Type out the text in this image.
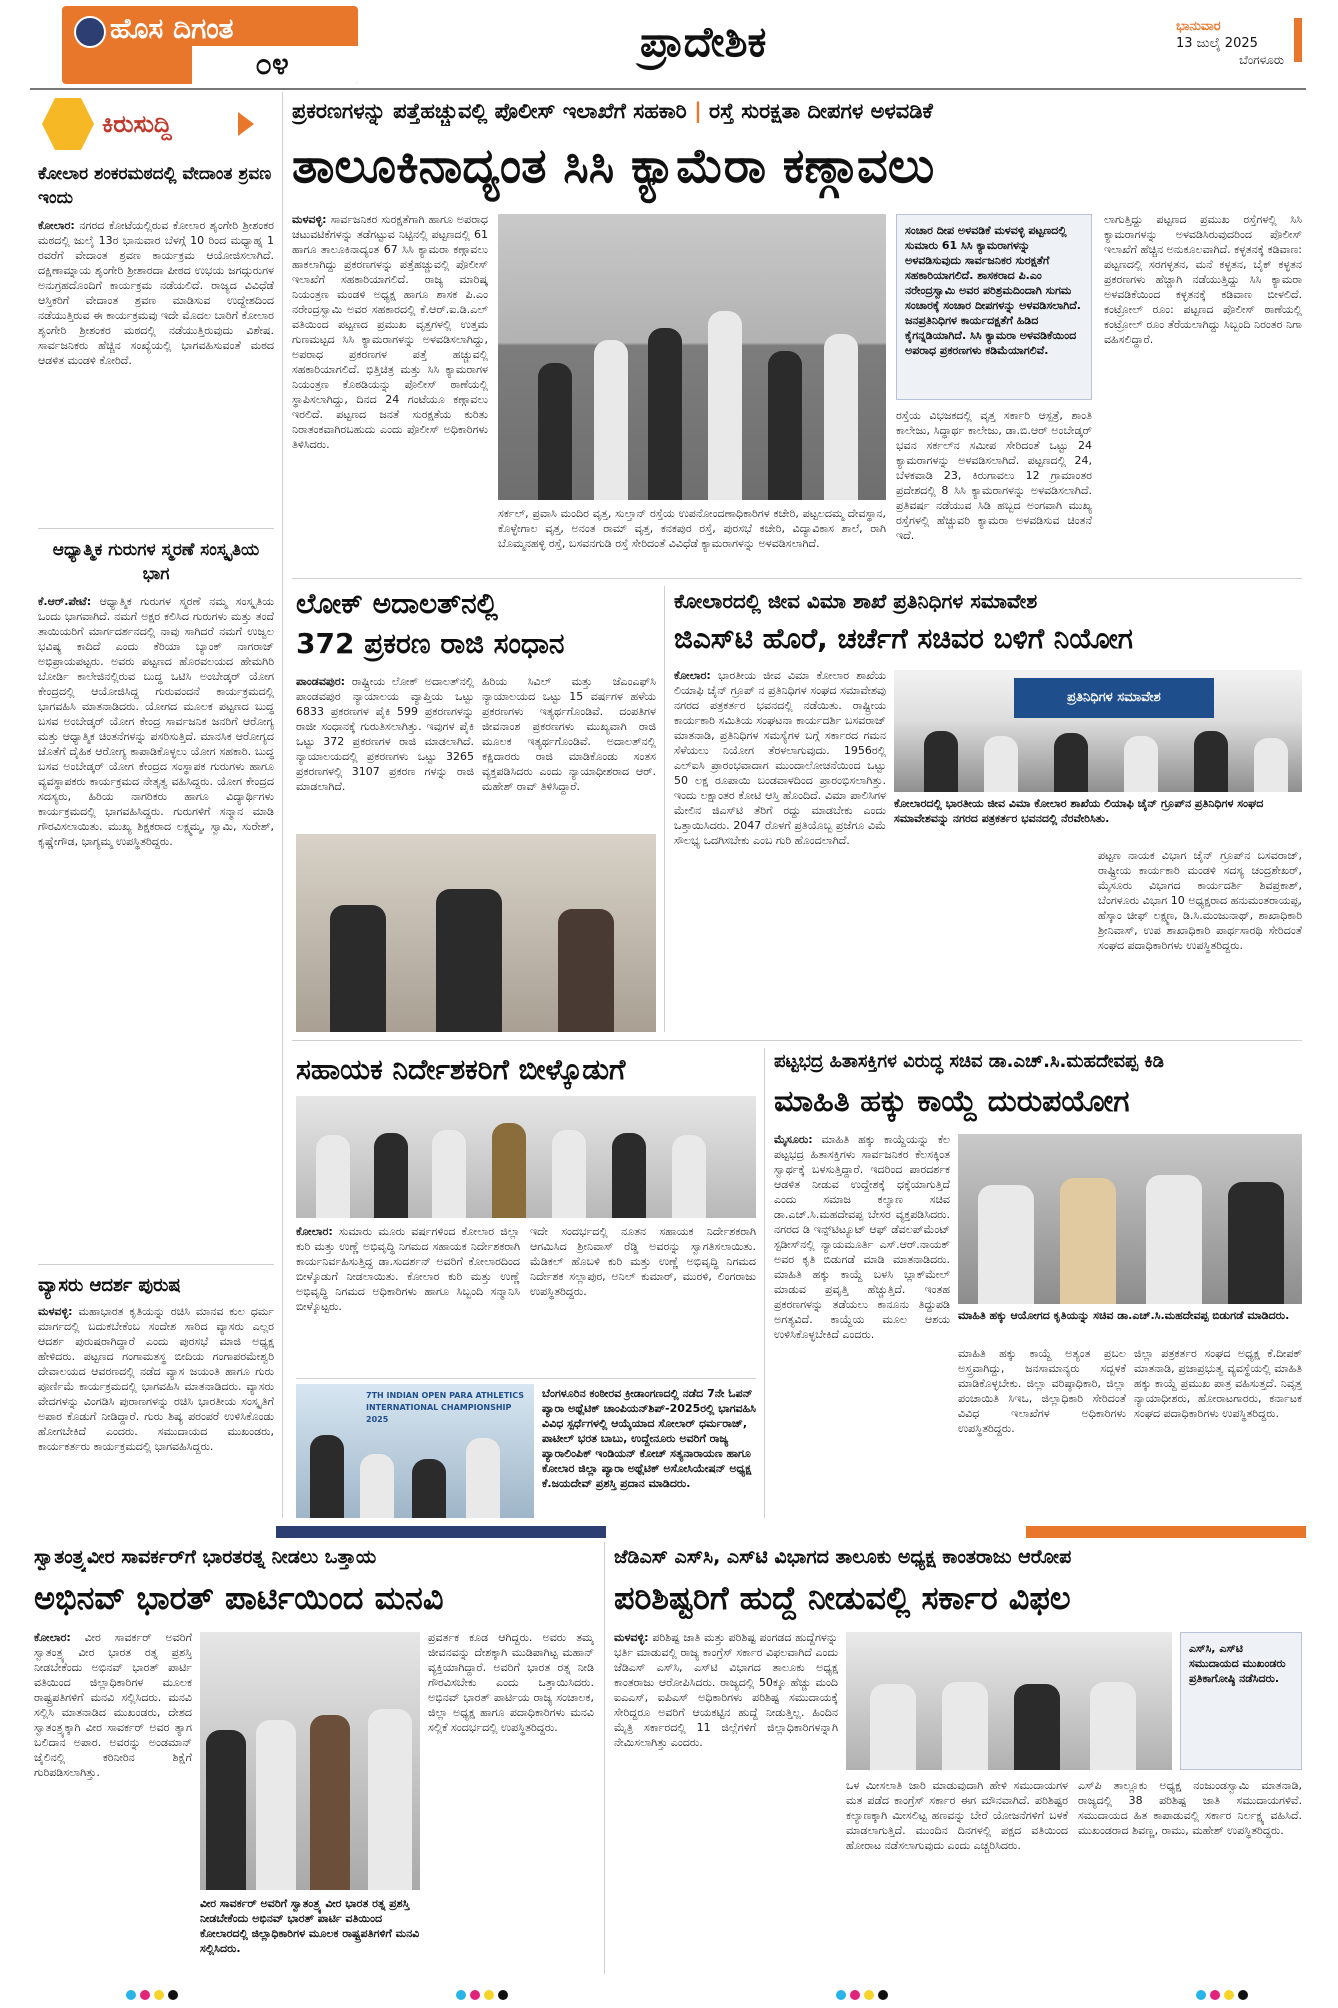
ಹೊಸ ದಿಗಂತ
೦೪	ಪ್ರಾದೇಶಿಕ	ಭಾನುವಾರ
13 ಜುಲೈ 2025
ಬೆಂಗಳೂರು
ಕಿರುಸುದ್ದಿ
ಕೋಲಾರ ಶಂಕರಮಠದಲ್ಲಿ ವೇದಾಂತ ಶ್ರವಣ ಇಂದು
ಕೋಲಾರ: ನಗರದ ಕೋಟೆಯಲ್ಲಿರುವ ಕೋಲಾರ ಶೃಂಗೇರಿ ಶ್ರೀಶಂಕರ ಮಠದಲ್ಲಿ ಜುಲೈ 13ರ ಭಾನುವಾರ ಬೆಳಗ್ಗೆ 10 ರಿಂದ ಮಧ್ಯಾಹ್ನ 1 ರವರೆಗೆ ವೇದಾಂತ ಶ್ರವಣ ಕಾರ್ಯಕ್ರಮ ಆಯೋಜಿಸಲಾಗಿದೆ. ದಕ್ಷಿಣಾಮ್ನಾಯ ಶೃಂಗೇರಿ ಶ್ರೀಶಾರದಾ ಪೀಠದ ಉಭಯ ಜಗದ್ಗುರುಗಳ ಅನುಗ್ರಹದೊಂದಿಗೆ ಕಾರ್ಯಕ್ರಮ ನಡೆಯಲಿದೆ. ರಾಜ್ಯದ ವಿವಿಧೆಡೆ ಆಸ್ತಿಕರಿಗೆ ವೇದಾಂತ ಶ್ರವಣ ಮಾಡಿಸುವ ಉದ್ದೇಶದಿಂದ ನಡೆಯುತ್ತಿರುವ ಈ ಕಾರ್ಯಕ್ರಮವು ಇದೇ ಮೊದಲ ಬಾರಿಗೆ ಕೋಲಾರ ಶೃಂಗೇರಿ ಶ್ರೀಶಂಕರ ಮಠದಲ್ಲಿ ನಡೆಯುತ್ತಿರುವುದು ವಿಶೇಷ. ಸಾರ್ವಜನಿಕರು ಹೆಚ್ಚಿನ ಸಂಖ್ಯೆಯಲ್ಲಿ ಭಾಗವಹಿಸುವಂತೆ ಮಠದ ಆಡಳಿತ ಮಂಡಳಿ ಕೋರಿದೆ.
ಆಧ್ಯಾತ್ಮಿಕ ಗುರುಗಳ ಸ್ಮರಣೆ ಸಂಸ್ಕೃತಿಯ ಭಾಗ
ಕೆ.ಆರ್.ಪೇಟೆ: ಆಧ್ಯಾತ್ಮಿಕ ಗುರುಗಳ ಸ್ಮರಣೆ ನಮ್ಮ ಸಂಸ್ಕೃತಿಯ ಒಂದು ಭಾಗವಾಗಿದೆ. ನಮಗೆ ಅಕ್ಷರ ಕಲಿಸಿದ ಗುರುಗಳು ಮತ್ತು ತಂದೆ ತಾಯಿಯರಿಗೆ ಮಾರ್ಗದರ್ಶನದಲ್ಲಿ ನಾವು ಸಾಗಿದರೆ ನಮಗೆ ಉಜ್ವಲ ಭವಿಷ್ಯ ಕಾದಿದೆ ಎಂದು ಕೆರಿಯಾ ಬ್ಯಾಂಕ್ ನಾಗರಾಜ್ ಅಭಿಪ್ರಾಯಪಟ್ಟರು. ಅವರು ಪಟ್ಟಣದ ಹೊರವಲಯದ ಹೇಮಗಿರಿ ಬೋರ್ಡಿ ಕಾಲೇಜಿನಲ್ಲಿರುವ ಬುದ್ಧ ಒಟಿಸಿ ಅಂಬೇಡ್ಕರ್ ಯೋಗ ಕೇಂದ್ರದಲ್ಲಿ ಆಯೋಜಿಸಿದ್ದ ಗುರುವಂದನೆ ಕಾರ್ಯಕ್ರಮದಲ್ಲಿ ಭಾಗವಹಿಸಿ ಮಾತನಾಡಿದರು. ಯೋಗದ ಮೂಲಕ ಪಟ್ಟಣದ ಬುದ್ಧ ಬಸವ ಅಂಬೇಡ್ಕರ್ ಯೋಗ ಕೇಂದ್ರ ಸಾರ್ವಜನಿಕ ಜನರಿಗೆ ಆರೋಗ್ಯ ಮತ್ತು ಆಧ್ಯಾತ್ಮಿಕ ಚಿಂತನೆಗಳನ್ನು ಪಸರಿಸುತ್ತಿದೆ. ಮಾನಸಿಕ ಆರೋಗ್ಯದ ಜೊತೆಗೆ ದೈಹಿಕ ಆರೋಗ್ಯ ಕಾಪಾಡಿಕೊಳ್ಳಲು ಯೋಗ ಸಹಕಾರಿ. ಬುದ್ಧ ಬಸವ ಅಂಬೇಡ್ಕರ್ ಯೋಗ ಕೇಂದ್ರದ ಸಂಸ್ಥಾಪಕ ಗುರುಗಳು ಹಾಗೂ ವ್ಯವಸ್ಥಾಪಕರು ಕಾರ್ಯಕ್ರಮದ ನೇತೃತ್ವ ವಹಿಸಿದ್ದರು. ಯೋಗ ಕೇಂದ್ರದ ಸದಸ್ಯರು, ಹಿರಿಯ ನಾಗರಿಕರು ಹಾಗೂ ವಿದ್ಯಾರ್ಥಿಗಳು ಕಾರ್ಯಕ್ರಮದಲ್ಲಿ ಭಾಗವಹಿಸಿದ್ದರು. ಗುರುಗಳಿಗೆ ಸನ್ಮಾನ ಮಾಡಿ ಗೌರವಿಸಲಾಯಿತು. ಮುಖ್ಯ ಶಿಕ್ಷಕರಾದ ಲಕ್ಷ್ಮಮ್ಮ, ಸ್ವಾಮಿ, ಸುರೇಶ್, ಕೃಷ್ಣೇಗೌಡ, ಭಾಗ್ಯಮ್ಮ ಉಪಸ್ಥಿತರಿದ್ದರು.
ವ್ಯಾಸರು ಆದರ್ಶ ಪುರುಷ
ಮಳವಳ್ಳಿ: ಮಹಾಭಾರತ ಕೃತಿಯನ್ನು ರಚಿಸಿ ಮಾನವ ಕುಲ ಧರ್ಮ ಮಾರ್ಗದಲ್ಲಿ ಬದುಕಬೇಕೆಂಬ ಸಂದೇಶ ಸಾರಿದ ವ್ಯಾಸರು ಎಲ್ಲರ ಆದರ್ಶ ಪುರುಷರಾಗಿದ್ದಾರೆ ಎಂದು ಪುರಸಭೆ ಮಾಜಿ ಅಧ್ಯಕ್ಷ ಹೇಳಿದರು. ಪಟ್ಟಣದ ಗಂಗಾಮತಸ್ಥ ಬೀದಿಯ ಗಂಗಾಪರಮೇಶ್ವರಿ ದೇವಾಲಯದ ಆವರಣದಲ್ಲಿ ನಡೆದ ವ್ಯಾಸ ಜಯಂತಿ ಹಾಗೂ ಗುರು ಪೂರ್ಣಿಮೆ ಕಾರ್ಯಕ್ರಮದಲ್ಲಿ ಭಾಗವಹಿಸಿ ಮಾತನಾಡಿದರು. ವ್ಯಾಸರು ವೇದಗಳನ್ನು ವಿಂಗಡಿಸಿ ಪುರಾಣಗಳನ್ನು ರಚಿಸಿ ಭಾರತೀಯ ಸಂಸ್ಕೃತಿಗೆ ಅಪಾರ ಕೊಡುಗೆ ನೀಡಿದ್ದಾರೆ. ಗುರು ಶಿಷ್ಯ ಪರಂಪರೆ ಉಳಿಸಿಕೊಂಡು ಹೋಗಬೇಕಿದೆ ಎಂದರು. ಸಮುದಾಯದ ಮುಖಂಡರು, ಕಾರ್ಯಕರ್ತರು ಕಾರ್ಯಕ್ರಮದಲ್ಲಿ ಭಾಗವಹಿಸಿದ್ದರು.
ಪ್ರಕರಣಗಳನ್ನು ಪತ್ತೆಹಚ್ಚುವಲ್ಲಿ ಪೊಲೀಸ್ ಇಲಾಖೆಗೆ ಸಹಕಾರಿ | ರಸ್ತೆ ಸುರಕ್ಷತಾ ದೀಪಗಳ ಅಳವಡಿಕೆ
ತಾಲೂಕಿನಾದ್ಯಂತ ಸಿಸಿ ಕ್ಯಾಮೆರಾ ಕಣ್ಗಾವಲು
ಮಳವಳ್ಳಿ: ಸಾರ್ವಜನಿಕರ ಸುರಕ್ಷತೆಗಾಗಿ ಹಾಗೂ ಅಪರಾಧ ಚಟುವಟಿಕೆಗಳನ್ನು ತಡೆಗಟ್ಟುವ ನಿಟ್ಟಿನಲ್ಲಿ ಪಟ್ಟಣದಲ್ಲಿ 61 ಹಾಗೂ ತಾಲೂಕಿನಾದ್ಯಂತ 67 ಸಿಸಿ ಕ್ಯಾಮರಾ ಕಣ್ಗಾವಲು ಹಾಕಲಾಗಿದ್ದು ಪ್ರಕರಣಗಳನ್ನು ಪತ್ತೆಹಚ್ಚುವಲ್ಲಿ ಪೊಲೀಸ್ ಇಲಾಖೆಗೆ ಸಹಕಾರಿಯಾಗಲಿದೆ. ರಾಜ್ಯ ಮಾರಿಷ್ಕ ನಿಯಂತ್ರಣ ಮಂಡಳಿ ಅಧ್ಯಕ್ಷ ಹಾಗೂ ಶಾಸಕ ಪಿ.ಎಂ ನರೇಂದ್ರಸ್ವಾಮಿ ಅವರ ಸಹಕಾರದಲ್ಲಿ ಕೆ.ಆರ್.ಐ.ಡಿ.ಎಲ್ ವತಿಯಿಂದ ಪಟ್ಟಣದ ಪ್ರಮುಖ ವೃತ್ತಗಳಲ್ಲಿ ಉತ್ತಮ ಗುಣಮಟ್ಟದ ಸಿಸಿ ಕ್ಯಾಮರಾಗಳನ್ನು ಅಳವಡಿಸಲಾಗಿದ್ದು, ಅಪರಾಧ ಪ್ರಕರಣಗಳ ಪತ್ತೆ ಹಚ್ಚುವಲ್ಲಿ ಸಹಕಾರಿಯಾಗಲಿದೆ. ಭಿತ್ತಿಚಿತ್ರ ಮತ್ತು ಸಿಸಿ ಕ್ಯಾಮರಾಗಳ ನಿಯಂತ್ರಣ ಕೊಠಡಿಯನ್ನು ಪೊಲೀಸ್ ಠಾಣೆಯಲ್ಲಿ ಸ್ಥಾಪಿಸಲಾಗಿದ್ದು, ದಿನದ 24 ಗಂಟೆಯೂ ಕಣ್ಗಾವಲು ಇರಲಿದೆ. ಪಟ್ಟಣದ ಜನತೆ ಸುರಕ್ಷತೆಯ ಕುರಿತು ನಿರಾತಂಕವಾಗಿರಬಹುದು ಎಂದು ಪೊಲೀಸ್ ಅಧಿಕಾರಿಗಳು ತಿಳಿಸಿದರು.
ಸರ್ಕಲ್, ಪ್ರವಾಸಿ ಮಂದಿರ ವೃತ್ತ, ಸುಲ್ತಾನ್ ರಸ್ತೆಯ ಉಪನೋಂದಣಾಧಿಕಾರಿಗಳ ಕಚೇರಿ, ಪಟ್ಟಲದಮ್ಮ ದೇವಸ್ಥಾನ, ಕೊಳ್ಳೇಗಾಲ ವೃತ್ತ, ಅನಂತ ರಾಮ್ ವೃತ್ತ, ಕನಕಪುರ ರಸ್ತೆ, ಪುರಸಭೆ ಕಚೇರಿ, ವಿದ್ಯಾವಿಕಾಸ ಶಾಲೆ, ರಾಗಿ ಬೊಮ್ಮನಹಳ್ಳಿ ರಸ್ತೆ, ಬಸವನಗುಡಿ ರಸ್ತೆ ಸೇರಿದಂತೆ ವಿವಿಧೆಡೆ ಕ್ಯಾಮರಾಗಳನ್ನು ಅಳವಡಿಸಲಾಗಿದೆ.
ಸಂಚಾರ ದೀಪ ಅಳವಡಿಕೆ ಮಳವಳ್ಳಿ ಪಟ್ಟಣದಲ್ಲಿ ಸುಮಾರು 61 ಸಿಸಿ ಕ್ಯಾಮರಾಗಳನ್ನು ಅಳವಡಿಸುವುದು ಸಾರ್ವಜನಿಕರ ಸುರಕ್ಷತೆಗೆ ಸಹಕಾರಿಯಾಗಲಿದೆ. ಶಾಸಕರಾದ ಪಿ.ಎಂ ನರೇಂದ್ರಸ್ವಾಮಿ ಅವರ ಪರಿಶ್ರಮದಿಂದಾಗಿ ಸುಗಮ ಸಂಚಾರಕ್ಕೆ ಸಂಚಾರ ದೀಪಗಳನ್ನು ಅಳವಡಿಸಲಾಗಿದೆ. ಜನಪ್ರತಿನಿಧಿಗಳ ಕಾರ್ಯದಕ್ಷತೆಗೆ ಹಿಡಿದ ಕೈಗನ್ನಡಿಯಾಗಿದೆ. ಸಿಸಿ ಕ್ಯಾಮರಾ ಅಳವಡಿಕೆಯಿಂದ ಅಪರಾಧ ಪ್ರಕರಣಗಳು ಕಡಿಮೆಯಾಗಲಿವೆ.
ರಸ್ತೆಯ ವಿಭಜಕದಲ್ಲಿ ವೃತ್ತ ಸರ್ಕಾರಿ ಆಸ್ಪತ್ರೆ, ಶಾಂತಿ ಕಾಲೇಜು, ಸಿದ್ಧಾರ್ಥ ಕಾಲೇಜು, ಡಾ.ಬಿ.ಆರ್ ಅಂಬೇಡ್ಕರ್ ಭವನ ಸರ್ಕಲ್‌ನ ಸಮೀಪ ಸೇರಿದಂತೆ ಒಟ್ಟು 24 ಕ್ಯಾಮರಾಗಳನ್ನು ಅಳವಡಿಸಲಾಗಿದೆ. ಪಟ್ಟಣದಲ್ಲಿ 24, ಬೆಳಕವಾಡಿ 23, ಕಿರುಗಾವಲು 12 ಗ್ರಾಮಾಂತರ ಪ್ರದೇಶದಲ್ಲಿ 8 ಸಿಸಿ ಕ್ಯಾಮರಾಗಳನ್ನು ಅಳವಡಿಸಲಾಗಿದೆ. ಪ್ರತಿವರ್ಷ ನಡೆಯುವ ಸಿಡಿ ಹಬ್ಬದ ಅಂಗವಾಗಿ ಮುಖ್ಯ ರಸ್ತೆಗಳಲ್ಲಿ ಹೆಚ್ಚುವರಿ ಕ್ಯಾಮರಾ ಅಳವಡಿಸುವ ಚಿಂತನೆ ಇದೆ.
ಲಾಗುತ್ತಿದ್ದು ಪಟ್ಟಣದ ಪ್ರಮುಖ ರಸ್ತೆಗಳಲ್ಲಿ ಸಿಸಿ ಕ್ಯಾಮರಾಗಳನ್ನು ಅಳವಡಿಸಿರುವುದರಿಂದ ಪೊಲೀಸ್ ಇಲಾಖೆಗೆ ಹೆಚ್ಚಿನ ಅನುಕೂಲವಾಗಿದೆ. ಕಳ್ಳತನಕ್ಕೆ ಕಡಿವಾಣ: ಪಟ್ಟಣದಲ್ಲಿ ಸರಗಳ್ಳತನ, ಮನೆ ಕಳ್ಳತನ, ಬೈಕ್ ಕಳ್ಳತನ ಪ್ರಕರಣಗಳು ಹೆಚ್ಚಾಗಿ ನಡೆಯುತ್ತಿದ್ದು ಸಿಸಿ ಕ್ಯಾಮರಾ ಅಳವಡಿಕೆಯಿಂದ ಕಳ್ಳತನಕ್ಕೆ ಕಡಿವಾಣ ಬೀಳಲಿದೆ. ಕಂಟ್ರೋಲ್ ರೂಂ: ಪಟ್ಟಣದ ಪೊಲೀಸ್ ಠಾಣೆಯಲ್ಲಿ ಕಂಟ್ರೋಲ್ ರೂಂ ತೆರೆಯಲಾಗಿದ್ದು ಸಿಬ್ಬಂದಿ ನಿರಂತರ ನಿಗಾ ವಹಿಸಲಿದ್ದಾರೆ.
ಲೋಕ್ ಅದಾಲತ್‌ನಲ್ಲಿ
372 ಪ್ರಕರಣ ರಾಜಿ ಸಂಧಾನ
ಪಾಂಡವಪುರ: ರಾಷ್ಟ್ರೀಯ ಲೋಕ್ ಅದಾಲತ್‌ನಲ್ಲಿ ಪಾಂಡವಪುರ ನ್ಯಾಯಾಲಯ ವ್ಯಾಪ್ತಿಯ ಒಟ್ಟು 6833 ಪ್ರಕರಣಗಳ ಪೈಕಿ 599 ಪ್ರಕರಣಗಳನ್ನು ರಾಜೀ ಸಂಧಾನಕ್ಕೆ ಗುರುತಿಸಲಾಗಿತ್ತು. ಇವುಗಳ ಪೈಕಿ ಒಟ್ಟು 372 ಪ್ರಕರಣಗಳ ರಾಜಿ ಮಾಡಲಾಗಿದೆ. ನ್ಯಾಯಾಲಯದಲ್ಲಿ ಪ್ರಕರಣಗಳು ಒಟ್ಟು 3265 ಪ್ರಕರಣಗಳಲ್ಲಿ 3107 ಪ್ರಕರಣ ಗಳನ್ನು ರಾಜಿ ಮಾಡಲಾಗಿದೆ.
ಹಿರಿಯ ಸಿವಿಲ್ ಮತ್ತು ಜೆಎಂಎಫ್‌ಸಿ ನ್ಯಾಯಾಲಯದ ಒಟ್ಟು 15 ವರ್ಷಗಳ ಹಳೆಯ ಪ್ರಕರಣಗಳು ಇತ್ಯರ್ಥಗೊಂಡಿವೆ. ದಂಪತಿಗಳ ಜೀವನಾಂಶ ಪ್ರಕರಣಗಳು ಮುಖ್ಯವಾಗಿ ರಾಜಿ ಮೂಲಕ ಇತ್ಯರ್ಥಗೊಂಡಿವೆ. ಅದಾಲತ್‌ನಲ್ಲಿ ಕಕ್ಷಿದಾರರು ರಾಜಿ ಮಾಡಿಕೊಂಡು ಸಂತಸ ವ್ಯಕ್ತಪಡಿಸಿದರು ಎಂದು ನ್ಯಾಯಾಧೀಶರಾದ ಆರ್. ಮಹೇಶ್ ರಾವ್ ತಿಳಿಸಿದ್ದಾರೆ.
ಕೋಲಾರದಲ್ಲಿ ಜೀವ ವಿಮಾ ಶಾಖೆ ಪ್ರತಿನಿಧಿಗಳ ಸಮಾವೇಶ
ಜಿಎಸ್‌ಟಿ ಹೊರೆ, ಚರ್ಚೆಗೆ ಸಚಿವರ ಬಳಿಗೆ ನಿಯೋಗ
ಕೋಲಾರ: ಭಾರತೀಯ ಜೀವ ವಿಮಾ ಕೋಲಾರ ಶಾಖೆಯ ಲಿಯಾಫಿ ಚೈನ್ ಗ್ರೂಪ್ ನ ಪ್ರತಿನಿಧಿಗಳ ಸಂಘದ ಸಮಾವೇಶವು ನಗರದ ಪತ್ರಕರ್ತರ ಭವನದಲ್ಲಿ ನಡೆಯಿತು. ರಾಷ್ಟ್ರೀಯ ಕಾರ್ಯಕಾರಿ ಸಮಿತಿಯ ಸಂಘಟನಾ ಕಾರ್ಯದರ್ಶಿ ಬಸವರಾಜ್ ಮಾತನಾಡಿ, ಪ್ರತಿನಿಧಿಗಳ ಸಮಸ್ಯೆಗಳ ಬಗ್ಗೆ ಸರ್ಕಾರದ ಗಮನ ಸೆಳೆಯಲು ನಿಯೋಗ ತೆರಳಲಾಗುವುದು. 1956ರಲ್ಲಿ ಎಲ್‌ಐಸಿ ಪ್ರಾರಂಭವಾದಾಗ ಮುಂದಾಲೋಚನೆಯಿಂದ ಒಟ್ಟು 50 ಲಕ್ಷ ರೂಪಾಯಿ ಬಂಡವಾಳದಿಂದ ಪ್ರಾರಂಭಿಸಲಾಗಿತ್ತು. ಇಂದು ಲಕ್ಷಾಂತರ ಕೋಟಿ ಆಸ್ತಿ ಹೊಂದಿದೆ. ವಿಮಾ ಪಾಲಿಸಿಗಳ ಮೇಲಿನ ಜಿಎಸ್‌ಟಿ ತೆರಿಗೆ ರದ್ದು ಮಾಡಬೇಕು ಎಂದು ಒತ್ತಾಯಿಸಿದರು. 2047 ರೊಳಗೆ ಪ್ರತಿಯೊಬ್ಬ ಪ್ರಜೆಗೂ ವಿಮೆ ಸೌಲಭ್ಯ ಒದಗಿಸಬೇಕು ಎಂಬ ಗುರಿ ಹೊಂದಲಾಗಿದೆ.
ಪ್ರತಿನಿಧಿಗಳ ಸಮಾವೇಶ
ಕೋಲಾರದಲ್ಲಿ ಭಾರತೀಯ ಜೀವ ವಿಮಾ ಕೋಲಾರ ಶಾಖೆಯ ಲಿಯಾಫಿ ಚೈನ್ ಗ್ರೂಪ್‌ನ ಪ್ರತಿನಿಧಿಗಳ ಸಂಘದ ಸಮಾವೇಶವನ್ನು ನಗರದ ಪತ್ರಕರ್ತರ ಭವನದಲ್ಲಿ ನೆರವೇರಿಸಿತು.
ಪಟ್ಟಣ ನಾಯಕ ವಿಭಾಗ ಚೈನ್ ಗ್ರೂಪ್‌ನ ಬಸವರಾಜ್, ರಾಷ್ಟ್ರೀಯ ಕಾರ್ಯಕಾರಿ ಮಂಡಳಿ ಸದಸ್ಯ ಚಂದ್ರಶೇಖರ್, ಮೈಸೂರು ವಿಭಾಗದ ಕಾರ್ಯದರ್ಶಿ ಶಿವಪ್ರಕಾಶ್, ಬೆಂಗಳೂರು ವಿಭಾಗ 10 ಅಧ್ಯಕ್ಷರಾದ ಹನುಮಂತರಾಯಪ್ಪ, ಹೆಸ್ಕಾಂ ಚೀಫ್ ಲಕ್ಷ್ಮಣ, ಡಿ.ಸಿ.ಮಂಜುನಾಥ್, ಶಾಖಾಧಿಕಾರಿ ಶ್ರೀನಿವಾಸ್, ಉಪ ಶಾಖಾಧಿಕಾರಿ ಪಾರ್ಥಸಾರಥಿ ಸೇರಿದಂತೆ ಸಂಘದ ಪದಾಧಿಕಾರಿಗಳು ಉಪಸ್ಥಿತರಿದ್ದರು.
ಸಹಾಯಕ ನಿರ್ದೇಶಕರಿಗೆ ಬೀಳ್ಕೊಡುಗೆ
ಕೋಲಾರ: ಸುಮಾರು ಮೂರು ವರ್ಷಗಳಿಂದ ಕೋಲಾರ ಜಿಲ್ಲಾ ಕುರಿ ಮತ್ತು ಉಣ್ಣೆ ಅಭಿವೃದ್ಧಿ ನಿಗಮದ ಸಹಾಯಕ ನಿರ್ದೇಶಕರಾಗಿ ಕಾರ್ಯನಿರ್ವಹಿಸುತ್ತಿದ್ದ ಡಾ.ಸುದರ್ಶನ್ ಅವರಿಗೆ ಕೋಲಾರದಿಂದ ಬೀಳ್ಕೊಡುಗೆ ನೀಡಲಾಯಿತು. ಕೋಲಾರ ಕುರಿ ಮತ್ತು ಉಣ್ಣೆ ಅಭಿವೃದ್ಧಿ ನಿಗಮದ ಅಧಿಕಾರಿಗಳು ಹಾಗೂ ಸಿಬ್ಬಂದಿ ಸನ್ಮಾನಿಸಿ ಬೀಳ್ಕೊಟ್ಟರು.
ಇದೇ ಸಂದರ್ಭದಲ್ಲಿ ನೂತನ ಸಹಾಯಕ ನಿರ್ದೇಶಕರಾಗಿ ಆಗಮಿಸಿದ ಶ್ರೀನಿವಾಸ್ ರೆಡ್ಡಿ ಅವರನ್ನು ಸ್ವಾಗತಿಸಲಾಯಿತು. ಮೆಡಿಕಲ್ ಹೊಬಳಿ ಕುರಿ ಮತ್ತು ಉಣ್ಣೆ ಅಭಿವೃದ್ಧಿ ನಿಗಮದ ನಿರ್ದೇಶಕ ಸಲ್ಲಾಪುರ, ಅನಿಲ್ ಕುಮಾರ್, ಮುರಳಿ, ಲಿಂಗರಾಜು ಉಪಸ್ಥಿತರಿದ್ದರು.
7TH INDIAN OPEN PARA ATHLETICS INTERNATIONAL CHAMPIONSHIP 2025
ಬೆಂಗಳೂರಿನ ಕಂಠೀರವ ಕ್ರೀಡಾಂಗಣದಲ್ಲಿ ನಡೆದ 7ನೇ ಓಪನ್ ಪ್ಯಾರಾ ಅಥ್ಲೆಟಿಕ್ ಚಾಂಪಿಯನ್‌ಶಿಪ್-2025ರಲ್ಲಿ ಭಾಗವಹಿಸಿ ವಿವಿಧ ಸ್ಪರ್ಧೆಗಳಲ್ಲಿ ಆಯ್ಕೆಯಾದ ಸೋಲಾರ್ ಧರ್ಮರಾಜ್, ಪಾಟೀಲ್ ಭರತ ಬಾಬು, ಉದ್ದೇನೂರು ಅವರಿಗೆ ರಾಜ್ಯ ಪ್ಯಾರಾಲಿಂಪಿಕ್ ಇಂಡಿಯನ್ ಕೋಚ್ ಸತ್ಯನಾರಾಯಣ ಹಾಗೂ ಕೋಲಾರ ಜಿಲ್ಲಾ ಪ್ಯಾರಾ ಅಥ್ಲೆಟಿಕ್ ಅಸೋಸಿಯೇಷನ್ ಅಧ್ಯಕ್ಷ ಕೆ.ಜಯದೇವ್ ಪ್ರಶಸ್ತಿ ಪ್ರದಾನ ಮಾಡಿದರು.
ಪಟ್ಟಭದ್ರ ಹಿತಾಸಕ್ತಿಗಳ ವಿರುದ್ಧ ಸಚಿವ ಡಾ.ಎಚ್.ಸಿ.ಮಹದೇವಪ್ಪ ಕಿಡಿ
ಮಾಹಿತಿ ಹಕ್ಕು ಕಾಯ್ದೆ ದುರುಪಯೋಗ
ಮೈಸೂರು: ಮಾಹಿತಿ ಹಕ್ಕು ಕಾಯ್ದೆಯನ್ನು ಕೆಲ ಪಟ್ಟಭದ್ರ ಹಿತಾಸಕ್ತಿಗಳು ಸಾರ್ವಜನಿಕರ ಕೆಲಸಕ್ಕಿಂತ ಸ್ವಾರ್ಥಕ್ಕೆ ಬಳಸುತ್ತಿದ್ದಾರೆ. ಇದರಿಂದ ಪಾರದರ್ಶಕ ಆಡಳಿತ ನೀಡುವ ಉದ್ದೇಶಕ್ಕೆ ಧಕ್ಕೆಯಾಗುತ್ತಿದೆ ಎಂದು ಸಮಾಜ ಕಲ್ಯಾಣ ಸಚಿವ ಡಾ.ಎಚ್.ಸಿ.ಮಹದೇವಪ್ಪ ಬೇಸರ ವ್ಯಕ್ತಪಡಿಸಿದರು. ನಗರದ ಡಿ ಇನ್ಸ್‌ಟಿಟ್ಯೂಟ್ ಆಫ್ ಡೆವಲಪ್‌ಮೆಂಟ್ ಸ್ಟಡೀಸ್‌ನಲ್ಲಿ ನ್ಯಾಯಮೂರ್ತಿ ಎಸ್.ಆರ್.ನಾಯಕ್ ಅವರ ಕೃತಿ ಬಿಡುಗಡೆ ಮಾಡಿ ಮಾತನಾಡಿದರು. ಮಾಹಿತಿ ಹಕ್ಕು ಕಾಯ್ದೆ ಬಳಸಿ ಬ್ಲಾಕ್‌ಮೇಲ್ ಮಾಡುವ ಪ್ರವೃತ್ತಿ ಹೆಚ್ಚುತ್ತಿದೆ. ಇಂತಹ ಪ್ರಕರಣಗಳನ್ನು ತಡೆಯಲು ಕಾನೂನು ತಿದ್ದುಪಡಿ ಅಗತ್ಯವಿದೆ. ಕಾಯ್ದೆಯ ಮೂಲ ಆಶಯ ಉಳಿಸಿಕೊಳ್ಳಬೇಕಿದೆ ಎಂದರು.
ಮಾಹಿತಿ ಹಕ್ಕು ಆಯೋಗದ ಕೃತಿಯನ್ನು ಸಚಿವ ಡಾ.ಎಚ್.ಸಿ.ಮಹದೇವಪ್ಪ ಬಿಡುಗಡೆ ಮಾಡಿದರು.
ಮಾಹಿತಿ ಹಕ್ಕು ಕಾಯ್ದೆ ಅತ್ಯಂತ ಪ್ರಬಲ ಅಸ್ತ್ರವಾಗಿದ್ದು, ಜನಸಾಮಾನ್ಯರು ಸದ್ಬಳಕೆ ಮಾಡಿಕೊಳ್ಳಬೇಕು. ಜಿಲ್ಲಾ ವರಿಷ್ಠಾಧಿಕಾರಿ, ಜಿಲ್ಲಾ ಪಂಚಾಯಿತಿ ಸಿಇಒ, ಜಿಲ್ಲಾಧಿಕಾರಿ ಸೇರಿದಂತೆ ವಿವಿಧ ಇಲಾಖೆಗಳ ಅಧಿಕಾರಿಗಳು ಉಪಸ್ಥಿತರಿದ್ದರು.
ಜಿಲ್ಲಾ ಪತ್ರಕರ್ತರ ಸಂಘದ ಅಧ್ಯಕ್ಷ ಕೆ.ದೀಪಕ್ ಮಾತನಾಡಿ, ಪ್ರಜಾಪ್ರಭುತ್ವ ವ್ಯವಸ್ಥೆಯಲ್ಲಿ ಮಾಹಿತಿ ಹಕ್ಕು ಕಾಯ್ದೆ ಪ್ರಮುಖ ಪಾತ್ರ ವಹಿಸುತ್ತದೆ. ನಿವೃತ್ತ ನ್ಯಾಯಾಧೀಶರು, ಹೋರಾಟಗಾರರು, ಕರ್ನಾಟಕ ಸಂಘದ ಪದಾಧಿಕಾರಿಗಳು ಉಪಸ್ಥಿತರಿದ್ದರು.
ಸ್ವಾತಂತ್ರ್ಯವೀರ ಸಾವರ್ಕರ್‌ಗೆ ಭಾರತರತ್ನ ನೀಡಲು ಒತ್ತಾಯ
ಅಭಿನವ್ ಭಾರತ್ ಪಾರ್ಟಿಯಿಂದ ಮನವಿ
ಕೋಲಾರ: ವೀರ ಸಾವರ್ಕರ್ ಅವರಿಗೆ ಸ್ವಾತಂತ್ರ್ಯ ವೀರ ಭಾರತ ರತ್ನ ಪ್ರಶಸ್ತಿ ನೀಡಬೇಕೆಂದು ಅಭಿನವ್ ಭಾರತ್ ಪಾರ್ಟಿ ವತಿಯಿಂದ ಜಿಲ್ಲಾಧಿಕಾರಿಗಳ ಮೂಲಕ ರಾಷ್ಟ್ರಪತಿಗಳಿಗೆ ಮನವಿ ಸಲ್ಲಿಸಿದರು. ಮನವಿ ಸಲ್ಲಿಸಿ ಮಾತನಾಡಿದ ಮುಖಂಡರು, ದೇಶದ ಸ್ವಾತಂತ್ರ್ಯಕ್ಕಾಗಿ ವೀರ ಸಾವರ್ಕರ್ ಅವರ ತ್ಯಾಗ ಬಲಿದಾನ ಅಪಾರ. ಅವರನ್ನು ಅಂಡಮಾನ್ ಜೈಲಿನಲ್ಲಿ ಕರಿನೀರಿನ ಶಿಕ್ಷೆಗೆ ಗುರಿಪಡಿಸಲಾಗಿತ್ತು.
ವೀರ ಸಾವರ್ಕರ್ ಅವರಿಗೆ ಸ್ವಾತಂತ್ರ್ಯ ವೀರ ಭಾರತ ರತ್ನ ಪ್ರಶಸ್ತಿ ನೀಡಬೇಕೆಂದು ಅಭಿನವ್ ಭಾರತ್ ಪಾರ್ಟಿ ವತಿಯಿಂದ ಕೋಲಾರದಲ್ಲಿ ಜಿಲ್ಲಾಧಿಕಾರಿಗಳ ಮೂಲಕ ರಾಷ್ಟ್ರಪತಿಗಳಿಗೆ ಮನವಿ ಸಲ್ಲಿಸಿದರು.
ಪ್ರವರ್ತಕ ಕೂಡ ಆಗಿದ್ದರು. ಅವರು ತಮ್ಮ ಜೀವನವನ್ನು ದೇಶಕ್ಕಾಗಿ ಮುಡಿಪಾಗಿಟ್ಟ ಮಹಾನ್ ವ್ಯಕ್ತಿಯಾಗಿದ್ದಾರೆ. ಅವರಿಗೆ ಭಾರತ ರತ್ನ ನೀಡಿ ಗೌರವಿಸಬೇಕು ಎಂದು ಒತ್ತಾಯಿಸಿದರು. ಅಭಿನವ್ ಭಾರತ್ ಪಾರ್ಟಿಯ ರಾಜ್ಯ ಸಂಚಾಲಕ, ಜಿಲ್ಲಾ ಅಧ್ಯಕ್ಷ ಹಾಗೂ ಪದಾಧಿಕಾರಿಗಳು ಮನವಿ ಸಲ್ಲಿಕೆ ಸಂದರ್ಭದಲ್ಲಿ ಉಪಸ್ಥಿತರಿದ್ದರು.
ಜೆಡಿಎಸ್ ಎಸ್‌ಸಿ, ಎಸ್‌ಟಿ ವಿಭಾಗದ ತಾಲೂಕು ಅಧ್ಯಕ್ಷ ಕಾಂತರಾಜು ಆರೋಪ
ಪರಿಶಿಷ್ಟರಿಗೆ ಹುದ್ದೆ ನೀಡುವಲ್ಲಿ ಸರ್ಕಾರ ವಿಫಲ
ಮಳವಳ್ಳಿ: ಪರಿಶಿಷ್ಟ ಜಾತಿ ಮತ್ತು ಪರಿಶಿಷ್ಟ ಪಂಗಡದ ಹುದ್ದೆಗಳನ್ನು ಭರ್ತಿ ಮಾಡುವಲ್ಲಿ ರಾಜ್ಯ ಕಾಂಗ್ರೆಸ್ ಸರ್ಕಾರ ವಿಫಲವಾಗಿದೆ ಎಂದು ಜೆಡಿಎಸ್ ಎಸ್‌ಸಿ, ಎಸ್‌ಟಿ ವಿಭಾಗದ ತಾಲೂಕು ಅಧ್ಯಕ್ಷ ಕಾಂತರಾಜು ಆರೋಪಿಸಿದರು. ರಾಜ್ಯದಲ್ಲಿ 50ಕ್ಕೂ ಹೆಚ್ಚು ಮಂದಿ ಐಎಎಸ್, ಐಪಿಎಸ್ ಅಧಿಕಾರಿಗಳು ಪರಿಶಿಷ್ಟ ಸಮುದಾಯಕ್ಕೆ ಸೇರಿದ್ದರೂ ಅವರಿಗೆ ಆಯಕಟ್ಟಿನ ಹುದ್ದೆ ನೀಡುತ್ತಿಲ್ಲ. ಹಿಂದಿನ ಮೈತ್ರಿ ಸರ್ಕಾರದಲ್ಲಿ 11 ಜಿಲ್ಲೆಗಳಿಗೆ ಜಿಲ್ಲಾಧಿಕಾರಿಗಳನ್ನಾಗಿ ನೇಮಿಸಲಾಗಿತ್ತು ಎಂದರು.
ಎಸ್‌ಸಿ, ಎಸ್‌ಟಿ ಸಮುದಾಯದ ಮುಖಂಡರು ಪ್ರತಿಕಾಗೋಷ್ಠಿ ನಡೆಸಿದರು.
ಒಳ ಮೀಸಲಾತಿ ಜಾರಿ ಮಾಡುವುದಾಗಿ ಹೇಳಿ ಸಮುದಾಯಗಳ ಮತ ಪಡೆದ ಕಾಂಗ್ರೆಸ್ ಸರ್ಕಾರ ಈಗ ಮೌನವಾಗಿದೆ. ಪರಿಶಿಷ್ಟರ ಕಲ್ಯಾಣಕ್ಕಾಗಿ ಮೀಸಲಿಟ್ಟ ಹಣವನ್ನು ಬೇರೆ ಯೋಜನೆಗಳಿಗೆ ಬಳಕೆ ಮಾಡಲಾಗುತ್ತಿದೆ. ಮುಂದಿನ ದಿನಗಳಲ್ಲಿ ಪಕ್ಷದ ವತಿಯಿಂದ ಹೋರಾಟ ನಡೆಸಲಾಗುವುದು ಎಂದು ಎಚ್ಚರಿಸಿದರು.
ಎಸ್‌ಪಿ ತಾಲ್ಲೂಕು ಅಧ್ಯಕ್ಷ ನಂಜುಂಡಸ್ವಾಮಿ ಮಾತನಾಡಿ, ರಾಜ್ಯದಲ್ಲಿ 38 ಪರಿಶಿಷ್ಟ ಜಾತಿ ಸಮುದಾಯಗಳಿವೆ. ಸಮುದಾಯದ ಹಿತ ಕಾಪಾಡುವಲ್ಲಿ ಸರ್ಕಾರ ನಿರ್ಲಕ್ಷ್ಯ ವಹಿಸಿದೆ. ಮುಖಂಡರಾದ ಶಿವಣ್ಣ, ರಾಮು, ಮಹೇಶ್ ಉಪಸ್ಥಿತರಿದ್ದರು.
